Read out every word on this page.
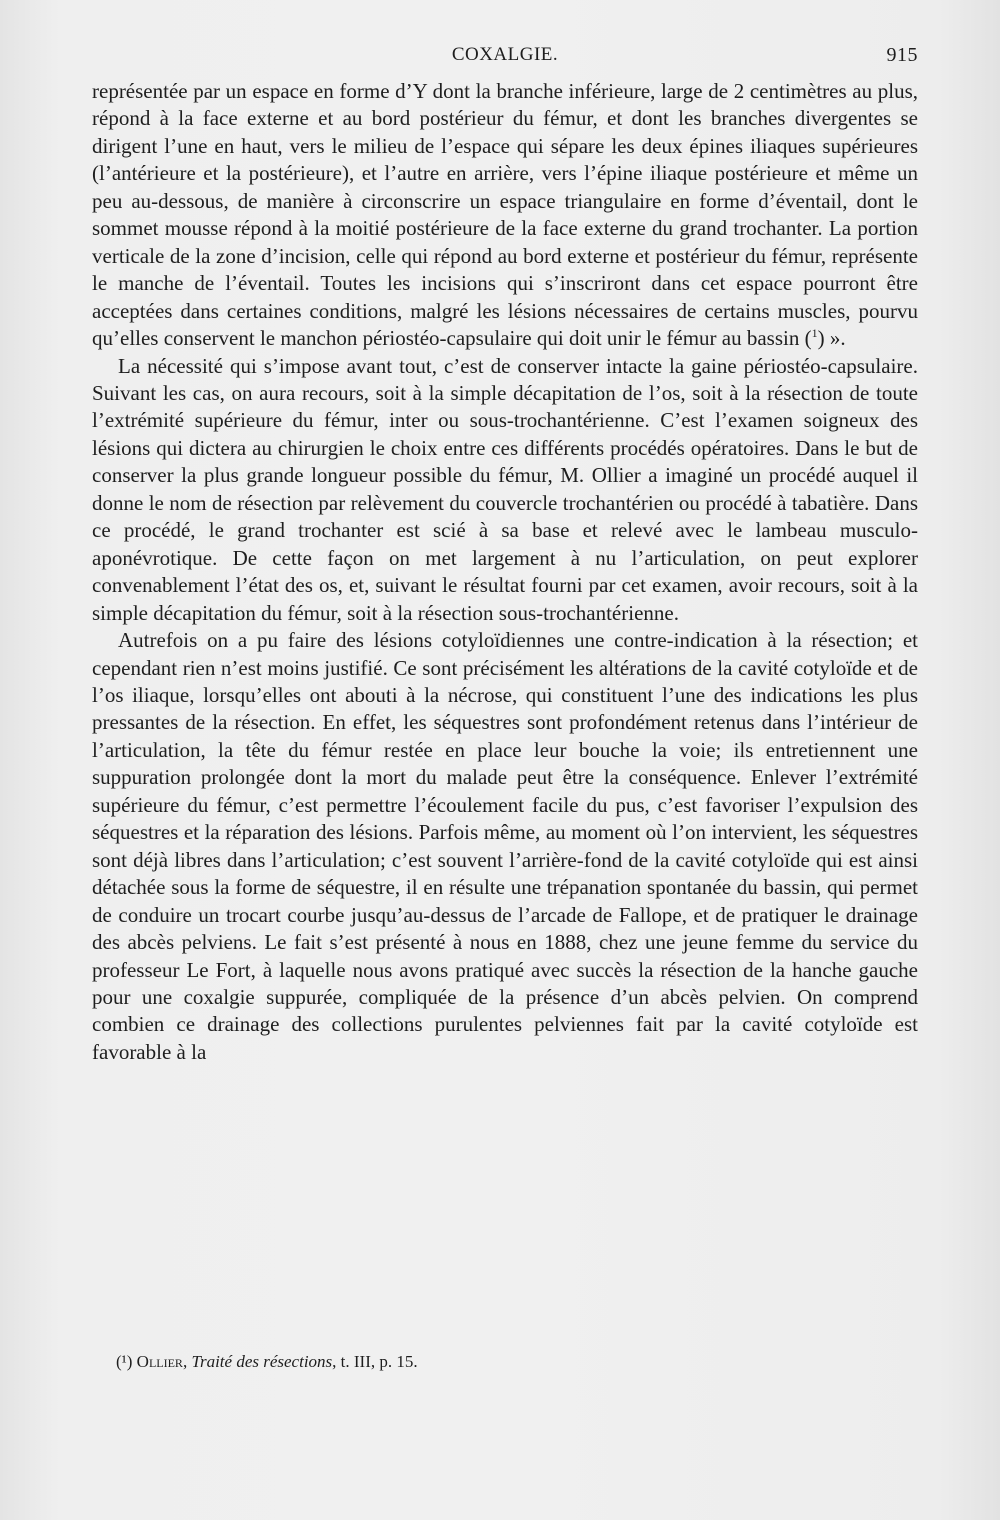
COXALGIE.	915

représentée par un espace en forme d’Y dont la branche inférieure, large de 2 centimètres au plus, répond à la face externe et au bord postérieur du fémur, et dont les branches divergentes se dirigent l’une en haut, vers le milieu de l’espace qui sépare les deux épines iliaques supérieures (l’antérieure et la postérieure), et l’autre en arrière, vers l’épine iliaque postérieure et même un peu au-dessous, de manière à circonscrire un espace triangulaire en forme d’éventail, dont le sommet mousse répond à la moitié postérieure de la face externe du grand trochanter. La portion verticale de la zone d’incision, celle qui répond au bord externe et postérieur du fémur, représente le manche de l’éventail. Toutes les incisions qui s’inscriront dans cet espace pourront être acceptées dans certaines conditions, malgré les lésions nécessaires de certains muscles, pourvu qu’elles conservent le manchon périostéo-capsulaire qui doit unir le fémur au bassin ($^1$) ».

La nécessité qui s’impose avant tout, c’est de conserver intacte la gaine périostéo-capsulaire. Suivant les cas, on aura recours, soit à la simple décapitation de l’os, soit à la résection de toute l’extrémité supérieure du fémur, inter ou sous-trochantérienne. C’est l’examen soigneux des lésions qui dictera au chirurgien le choix entre ces différents procédés opératoires. Dans le but de conserver la plus grande longueur possible du fémur, M. Ollier a imaginé un procédé auquel il donne le nom de résection par relèvement du couvercle trochantérien ou procédé à tabatière. Dans ce procédé, le grand trochanter est scié à sa base et relevé avec le lambeau musculo-aponévrotique. De cette façon on met largement à nu l’articulation, on peut explorer convenablement l’état des os, et, suivant le résultat fourni par cet examen, avoir recours, soit à la simple décapitation du fémur, soit à la résection sous-trochantérienne.

Autrefois on a pu faire des lésions cotyloïdiennes une contre-indication à la résection; et cependant rien n’est moins justifié. Ce sont précisément les altérations de la cavité cotyloïde et de l’os iliaque, lorsqu’elles ont abouti à la nécrose, qui constituent l’une des indications les plus pressantes de la résection. En effet, les séquestres sont profondément retenus dans l’intérieur de l’articulation, la tête du fémur restée en place leur bouche la voie; ils entretiennent une suppuration prolongée dont la mort du malade peut être la conséquence. Enlever l’extrémité supérieure du fémur, c’est permettre l’écoulement facile du pus, c’est favoriser l’expulsion des séquestres et la réparation des lésions. Parfois même, au moment où l’on intervient, les séquestres sont déjà libres dans l’articulation; c’est souvent l’arrière-fond de la cavité cotyloïde qui est ainsi détachée sous la forme de séquestre, il en résulte une trépanation spontanée du bassin, qui permet de conduire un trocart courbe jusqu’au-dessus de l’arcade de Fallope, et de pratiquer le drainage des abcès pelviens. Le fait s’est présenté à nous en 1888, chez une jeune femme du service du professeur Le Fort, à laquelle nous avons pratiqué avec succès la résection de la hanche gauche pour une coxalgie suppurée, compliquée de la présence d’un abcès pelvien. On comprend combien ce drainage des collections purulentes pelviennes fait par la cavité cotyloïde est favorable à la

(¹) Ollier, Traité des résections, t. III, p. 15.
